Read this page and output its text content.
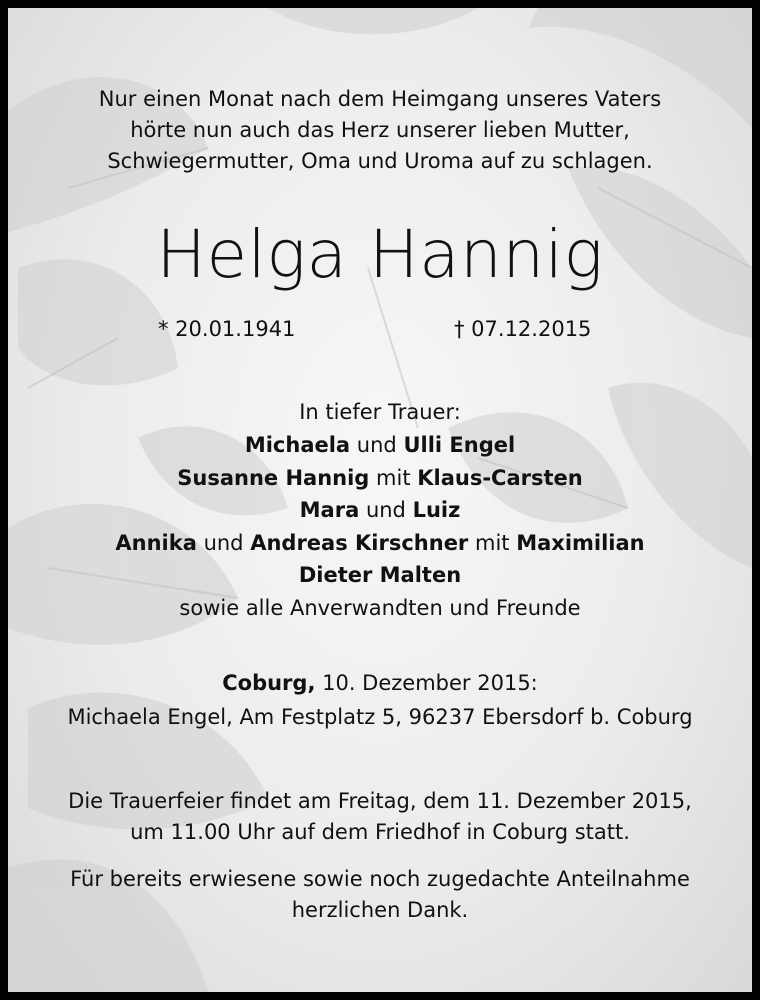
Nur einen Monat nach dem Heimgang unseres Vaters
hörte nun auch das Herz unserer lieben Mutter,
Schwiegermutter, Oma und Uroma auf zu schlagen.
Helga Hannig
* 20.01.1941	† 07.12.2015
In tiefer Trauer:
Michaela und Ulli Engel
Susanne Hannig mit Klaus-Carsten
Mara und Luiz
Annika und Andreas Kirschner mit Maximilian
Dieter Malten
sowie alle Anverwandten und Freunde
Coburg, 10. Dezember 2015:
Michaela Engel, Am Festplatz 5, 96237 Ebersdorf b. Coburg
Die Trauerfeier findet am Freitag, dem 11. Dezember 2015,
um 11.00 Uhr auf dem Friedhof in Coburg statt.
Für bereits erwiesene sowie noch zugedachte Anteilnahme
herzlichen Dank.
